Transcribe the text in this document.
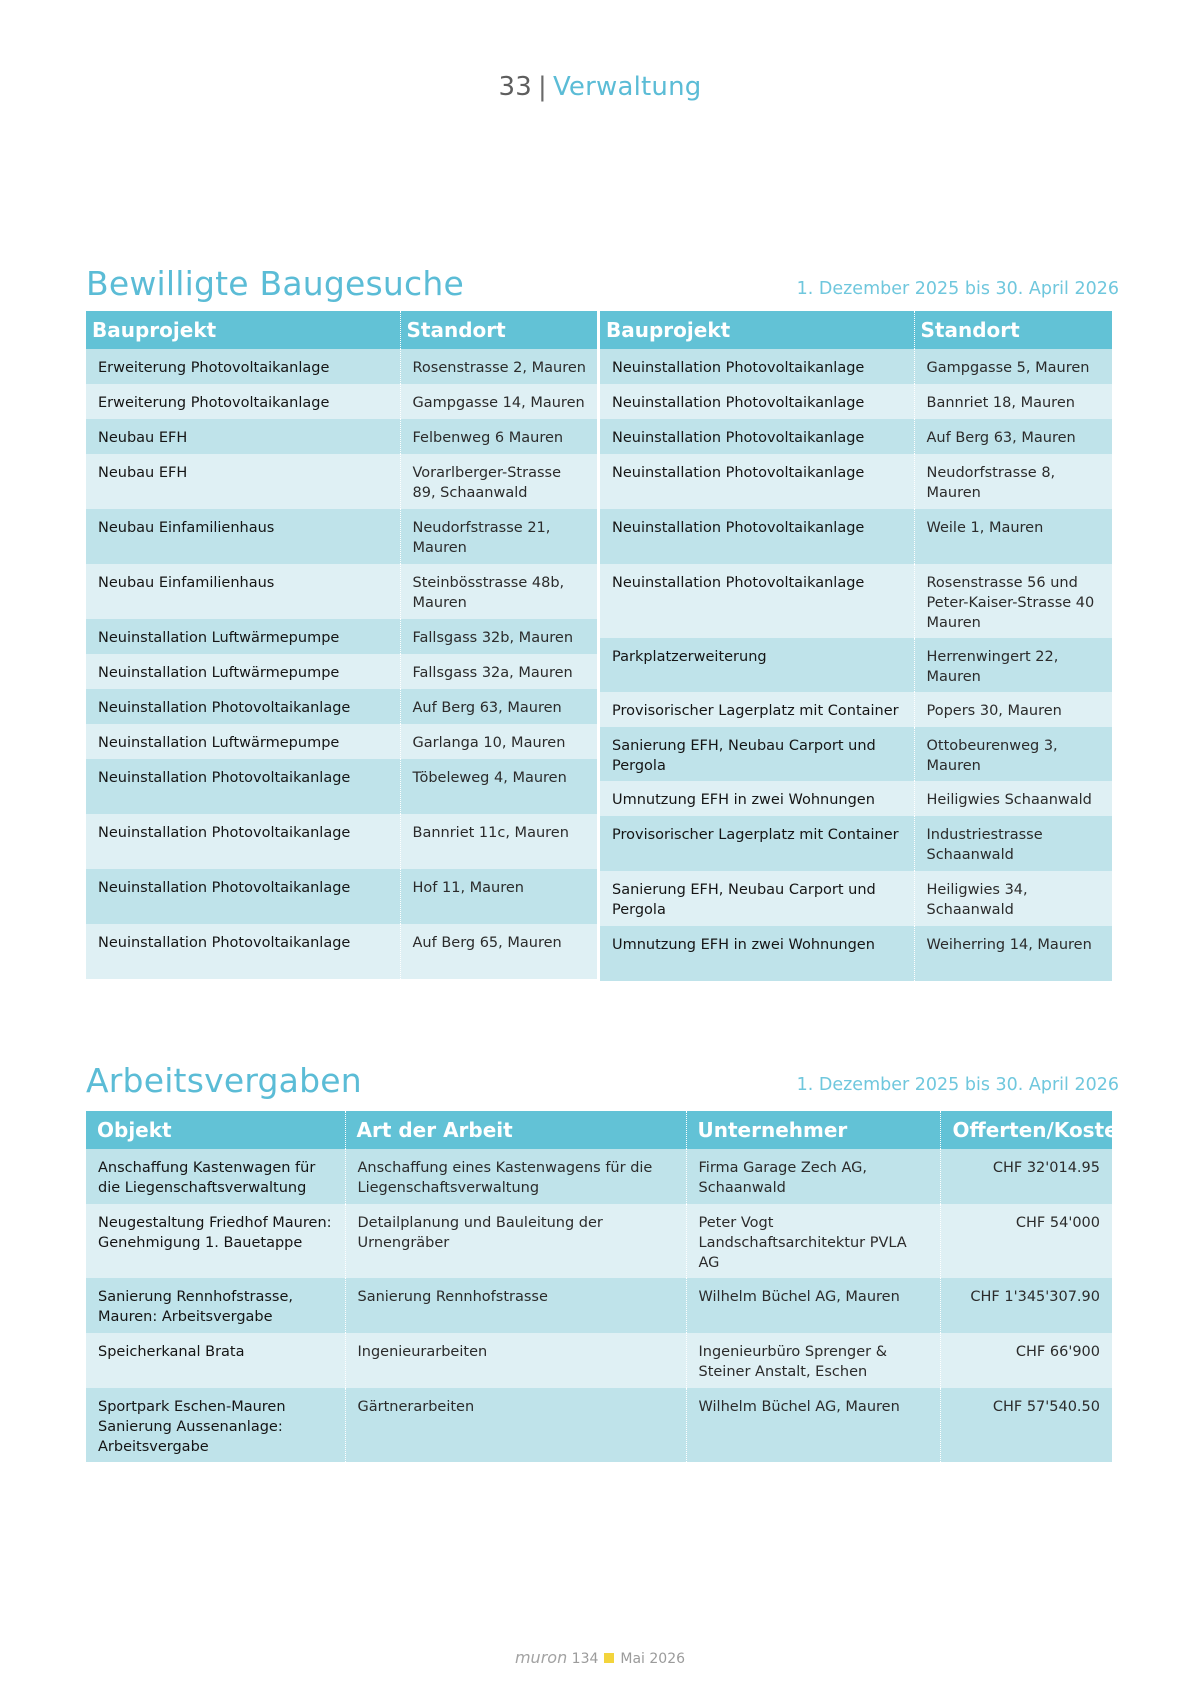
33 | Verwaltung
Bewilligte Baugesuche	1. Dezember 2025 bis 30. April 2026
Bauprojekt	Standort
Erweiterung Photovoltaikanlage	Rosenstrasse 2, Mauren
Erweiterung Photovoltaikanlage	Gampgasse 14, Mauren
Neubau EFH	Felbenweg 6 Mauren
Neubau EFH	Vorarlberger-Strasse 89, Schaanwald
Neubau Einfamilienhaus	Neudorfstrasse 21, Mauren
Neubau Einfamilienhaus	Steinbösstrasse 48b, Mauren
Neuinstallation Luftwärmepumpe	Fallsgass 32b, Mauren
Neuinstallation Luftwärmepumpe	Fallsgass 32a, Mauren
Neuinstallation Photovoltaikanlage	Auf Berg 63, Mauren
Neuinstallation Luftwärmepumpe	Garlanga 10, Mauren
Neuinstallation Photovoltaikanlage	Töbeleweg 4, Mauren
Neuinstallation Photovoltaikanlage	Bannriet 11c, Mauren
Neuinstallation Photovoltaikanlage	Hof 11, Mauren
Neuinstallation Photovoltaikanlage	Auf Berg 65, Mauren
Bauprojekt	Standort
Neuinstallation Photovoltaikanlage	Gampgasse 5, Mauren
Neuinstallation Photovoltaikanlage	Bannriet 18, Mauren
Neuinstallation Photovoltaikanlage	Auf Berg 63, Mauren
Neuinstallation Photovoltaikanlage	Neudorfstrasse 8, Mauren
Neuinstallation Photovoltaikanlage	Weile 1, Mauren
Neuinstallation Photovoltaikanlage	Rosenstrasse 56 und Peter-Kaiser-Strasse 40 Mauren
Parkplatzerweiterung	Herrenwingert 22, Mauren
Provisorischer Lagerplatz mit Container	Popers 30, Mauren
Sanierung EFH, Neubau Carport und Pergola	Ottobeurenweg 3, Mauren
Umnutzung EFH in zwei Wohnungen	Heiligwies Schaanwald
Provisorischer Lagerplatz mit Container	Industriestrasse Schaanwald
Sanierung EFH, Neubau Carport und Pergola	Heiligwies 34, Schaanwald
Umnutzung EFH in zwei Wohnungen	Weiherring 14, Mauren
Arbeitsvergaben	1. Dezember 2025 bis 30. April 2026
Objekt	Art der Arbeit	Unternehmer	Offerten/Kosten
Anschaffung Kastenwagen für die Liegenschaftsverwaltung	Anschaffung eines Kastenwagens für die Liegenschaftsverwaltung	Firma Garage Zech AG, Schaanwald	CHF 32'014.95
Neugestaltung Friedhof Mauren: Genehmigung 1. Bauetappe	Detailplanung und Bauleitung der Urnengräber	Peter Vogt Landschaftsarchitektur PVLA AG	CHF 54'000
Sanierung Rennhofstrasse, Mauren: Arbeitsvergabe	Sanierung Rennhofstrasse	Wilhelm Büchel AG, Mauren	CHF 1'345'307.90
Speicherkanal Brata	Ingenieurarbeiten	Ingenieurbüro Sprenger & Steiner Anstalt, Eschen	CHF 66'900
Sportpark Eschen-Mauren Sanierung Aussenanlage: Arbeitsvergabe	Gärtnerarbeiten	Wilhelm Büchel AG, Mauren	CHF 57'540.50
muron 134 Mai 2026
